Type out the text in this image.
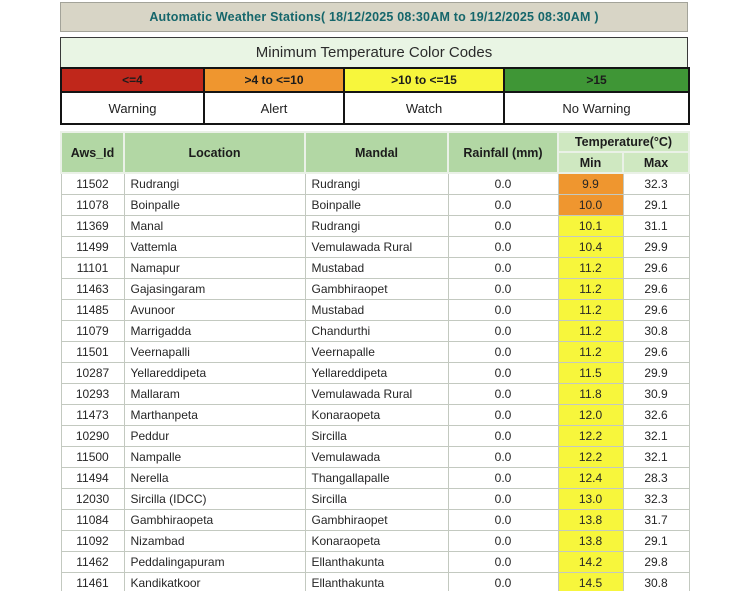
Automatic Weather Stations( 18/12/2025 08:30AM to 19/12/2025 08:30AM )
Minimum Temperature Color Codes
<=4	>4 to <=10	>10 to <=15	>15
Warning	Alert	Watch	No Warning
Aws_Id	Location	Mandal	Rainfall (mm)	Temperature(°C)	
				Min	Max
11502	Rudrangi	Rudrangi	0.0	9.9	32.3
11078	Boinpalle	Boinpalle	0.0	10.0	29.1
11369	Manal	Rudrangi	0.0	10.1	31.1
11499	Vattemla	Vemulawada Rural	0.0	10.4	29.9
11101	Namapur	Mustabad	0.0	11.2	29.6
11463	Gajasingaram	Gambhiraopet	0.0	11.2	29.6
11485	Avunoor	Mustabad	0.0	11.2	29.6
11079	Marrigadda	Chandurthi	0.0	11.2	30.8
11501	Veernapalli	Veernapalle	0.0	11.2	29.6
10287	Yellareddipeta	Yellareddipeta	0.0	11.5	29.9
10293	Mallaram	Vemulawada Rural	0.0	11.8	30.9
11473	Marthanpeta	Konaraopeta	0.0	12.0	32.6
10290	Peddur	Sircilla	0.0	12.2	32.1
11500	Nampalle	Vemulawada	0.0	12.2	32.1
11494	Nerella	Thangallapalle	0.0	12.4	28.3
12030	Sircilla (IDCC)	Sircilla	0.0	13.0	32.3
11084	Gambhiraopeta	Gambhiraopet	0.0	13.8	31.7
11092	Nizambad	Konaraopeta	0.0	13.8	29.1
11462	Peddalingapuram	Ellanthakunta	0.0	14.2	29.8
11461	Kandikatkoor	Ellanthakunta	0.0	14.5	30.8
